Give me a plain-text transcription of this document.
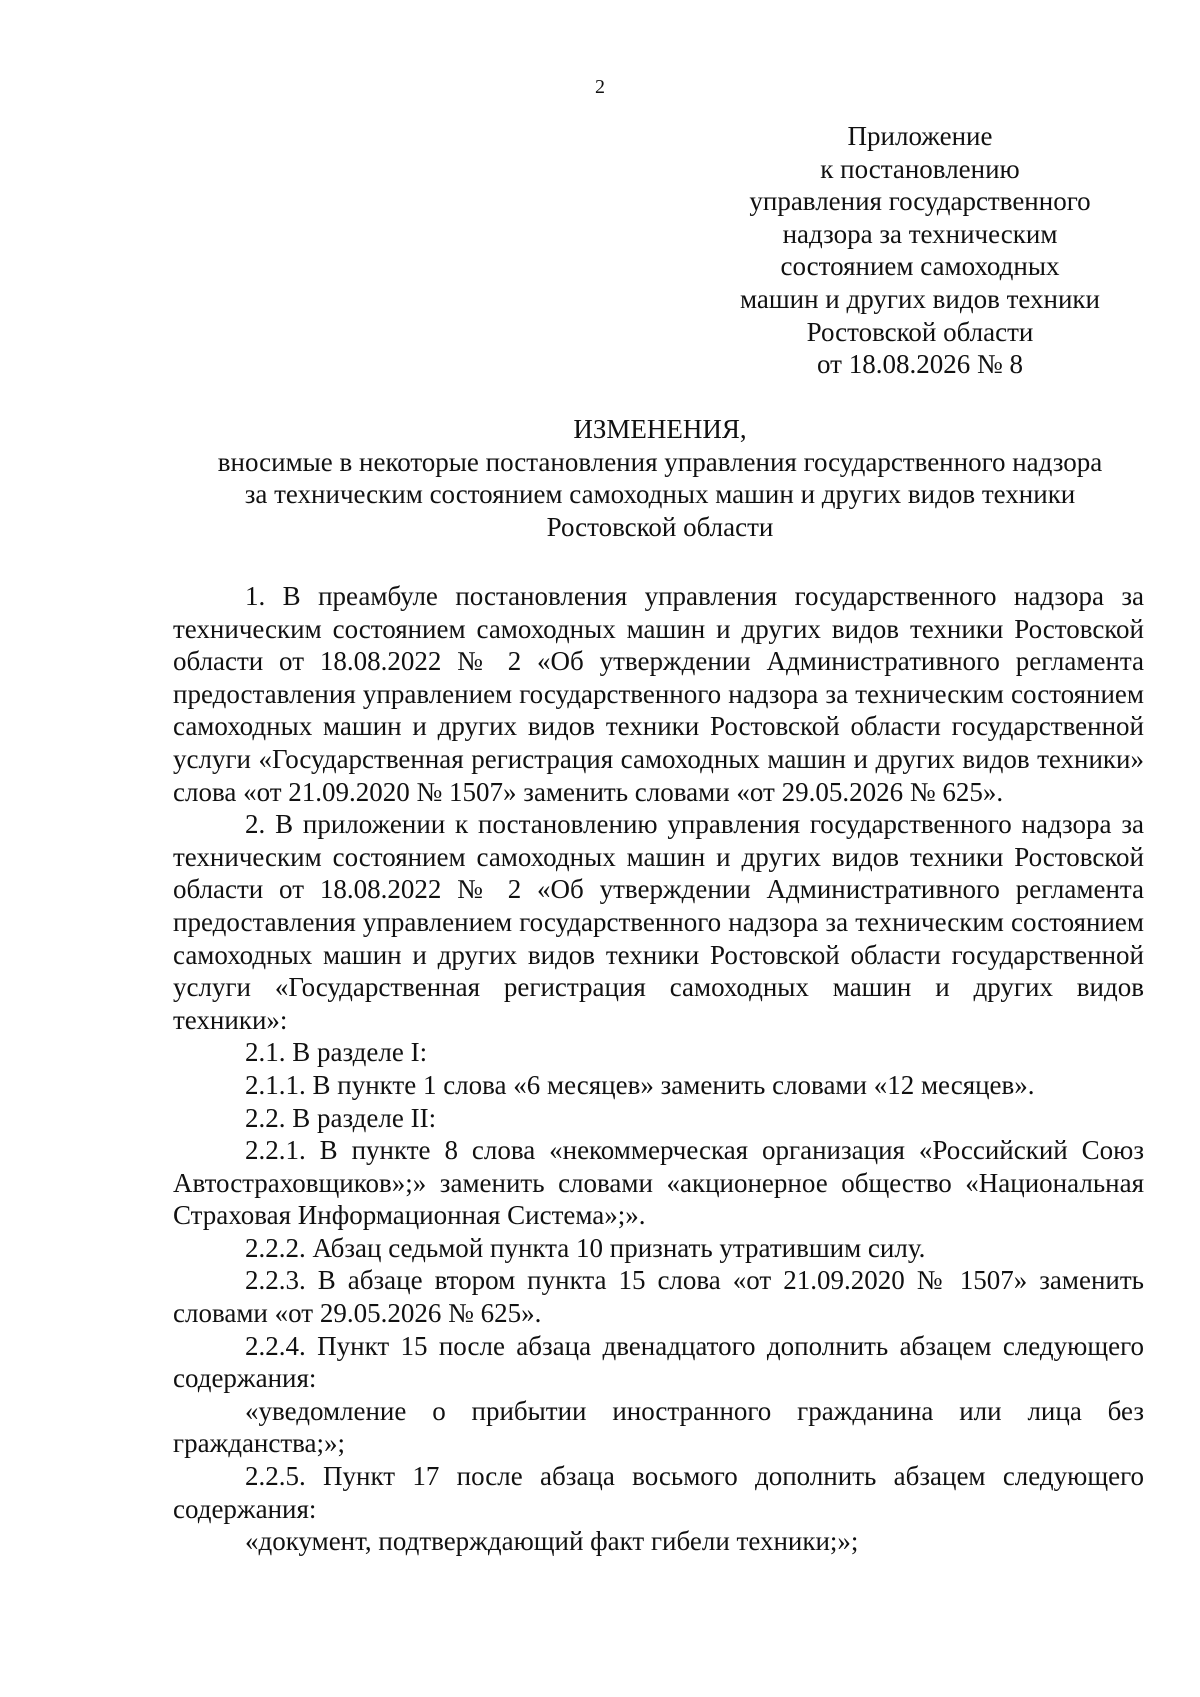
2
Приложение
к постановлению
управления государственного
надзора за техническим
состоянием самоходных
машин и других видов техники
Ростовской области
от 18.08.2026 № 8
ИЗМЕНЕНИЯ,
вносимые в некоторые постановления управления государственного надзора
за техническим состоянием самоходных машин и других видов техники
Ростовской области

1. В преамбуле постановления управления государственного надзора за техническим состоянием самоходных машин и других видов техники Ростовской области от 18.08.2022 № 2 «Об утверждении Административного регламента предоставления управлением государственного надзора за техническим состоянием самоходных машин и других видов техники Ростовской области государственной услуги «Государственная регистрация самоходных машин и других видов техники» слова «от 21.09.2020 № 1507» заменить словами «от 29.05.2026 № 625».

2. В приложении к постановлению управления государственного надзора за техническим состоянием самоходных машин и других видов техники Ростовской области от 18.08.2022 № 2 «Об утверждении Административного регламента предоставления управлением государственного надзора за техническим состоянием самоходных машин и других видов техники Ростовской области государственной услуги «Государственная регистрация самоходных машин и других видов техники»:

2.1. В разделе I:

2.1.1. В пункте 1 слова «6 месяцев» заменить словами «12 месяцев».

2.2. В разделе II:

2.2.1. В пункте 8 слова «некоммерческая организация «Российский Союз Автостраховщиков»;» заменить словами «акционерное общество «Национальная Страховая Информационная Система»;».

2.2.2. Абзац седьмой пункта 10 признать утратившим силу.

2.2.3. В абзаце втором пункта 15 слова «от 21.09.2020 № 1507» заменить словами «от 29.05.2026 № 625».

2.2.4. Пункт 15 после абзаца двенадцатого дополнить абзацем следующего содержания:

«уведомление о прибытии иностранного гражданина или лица без гражданства;»;

2.2.5. Пункт 17 после абзаца восьмого дополнить абзацем следующего содержания:

«документ, подтверждающий факт гибели техники;»;
